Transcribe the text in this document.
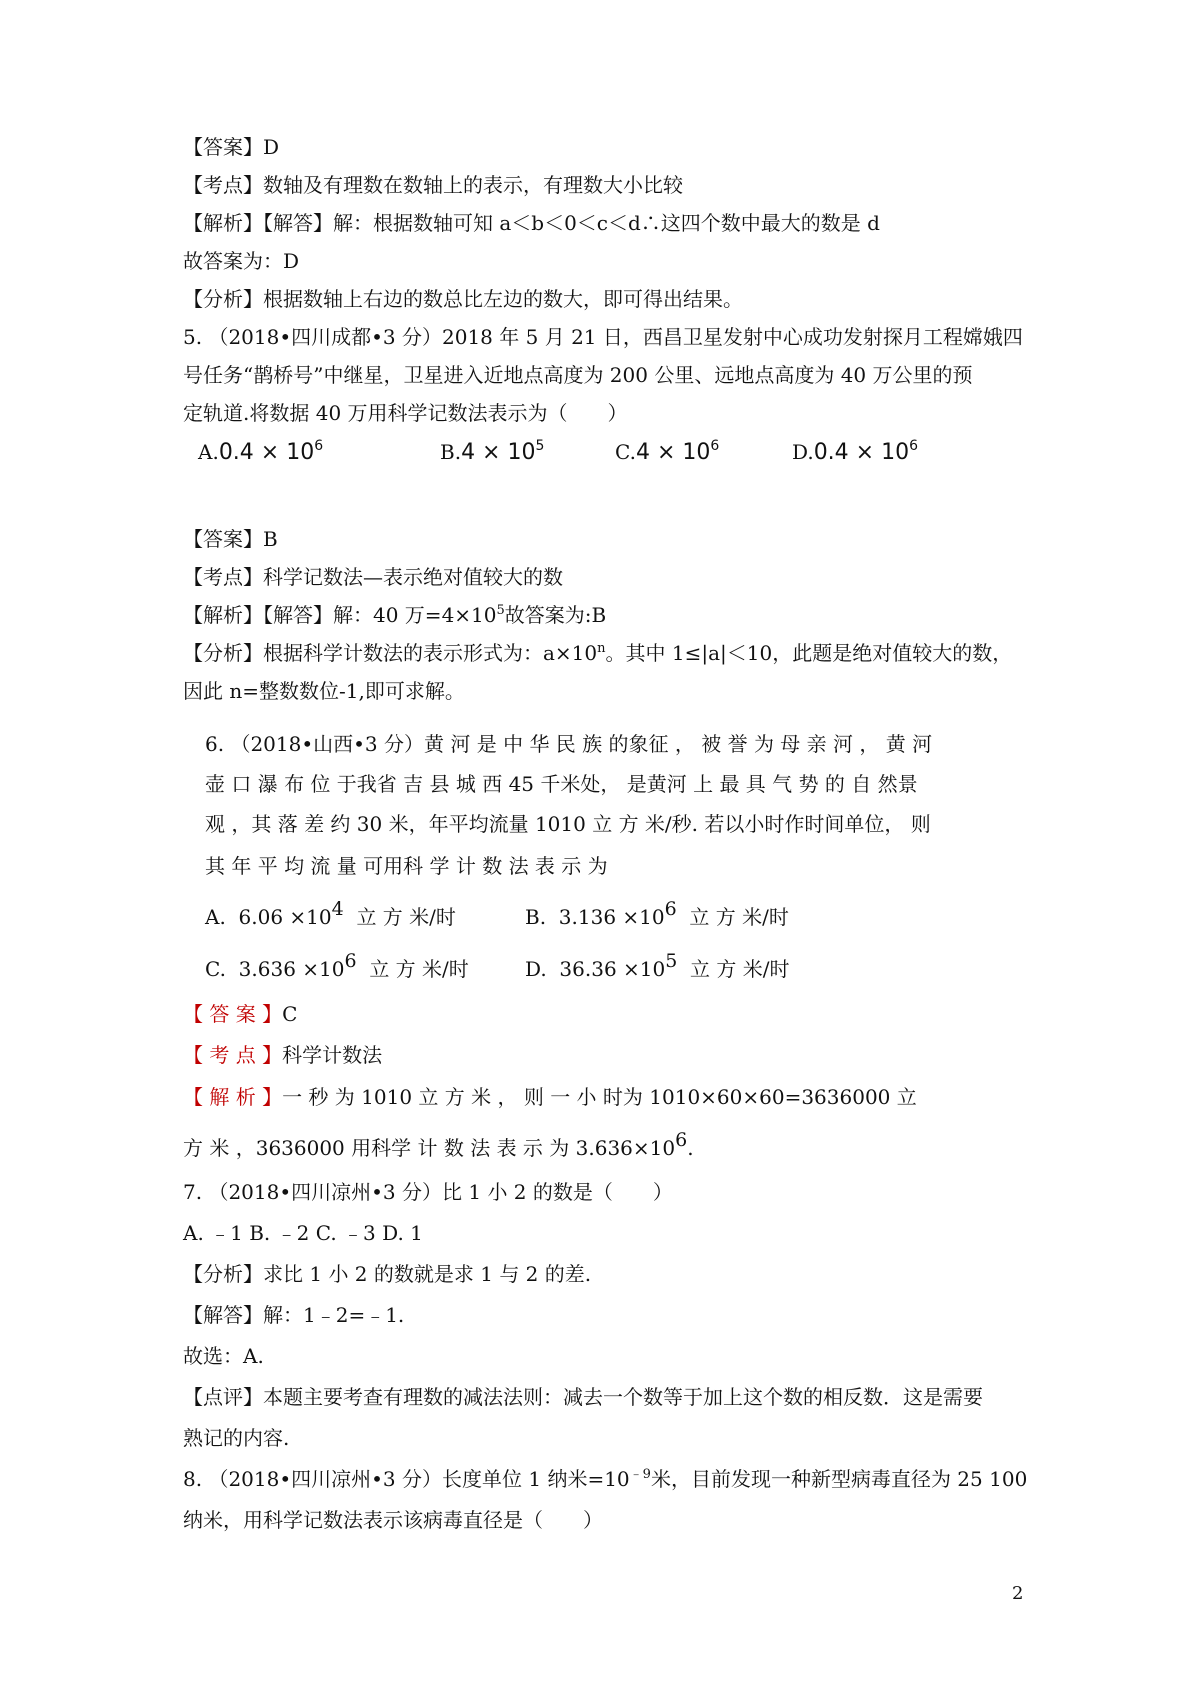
【答案】D
【考点】数轴及有理数在数轴上的表示，有理数大小比较
【解析】【解答】解：根据数轴可知 a＜b＜0＜c＜d∴这四个数中最大的数是 d
故答案为：D
【分析】根据数轴上右边的数总比左边的数大，即可得出结果。
5. （2018•四川成都•3 分）2018 年 5 月 21 日，西昌卫星发射中心成功发射探月工程嫦娥四
号任务“鹊桥号”中继星，卫星进入近地点高度为 200 公里、远地点高度为 40 万公里的预
定轨道.将数据 40 万用科学记数法表示为（　　）
$A.0.4 \times 10^6$	$B.4 \times 10^5$	$C.4 \times 10^6$	$D.0.4 \times 10^6$
【答案】B
【考点】科学记数法—表示绝对值较大的数
【解析】【解答】解：40 万$=4\times 10^5$故答案为:B
【分析】根据科学计数法的表示形式为：$a\times 10^n$。其中 1≤|a|＜10，此题是绝对值较大的数，
因此 n=整数数位-1,即可求解。
6. （2018•山西•3 分）黄 河 是 中 华 民 族 的象征 ， 被 誉 为 母 亲 河 ， 黄 河
壶 口 瀑 布 位 于我省 吉 县 城 西 45 千米处， 是黄河 上 最 具 气 势 的 自 然景
观 ，其 落 差 约 30 米，年平均流量 1010 立 方 米/秒. 若以小时作时间单位， 则
其 年 平 均 流 量 可用科 学 计 数 法 表 示 为
A. $6.06 \times 10^4$ 立 方 米/时	B. $3.136 \times 10^6$ 立 方 米/时
C. $3.636 \times 10^6$ 立 方 米/时	D. $36.36 \times 10^5$ 立 方 米/时
【 答 案 】C
【 考 点 】科学计数法
【 解 析 】一 秒 为 1010 立 方 米 ， 则 一 小 时为 1010×60×60=3636000 立
方 米 ，3636000 用科学 计 数 法 表 示 为 $3.636\times 10^6$.
7. （2018•四川凉州•3 分）比 1 小 2 的数是（　　）
A. ﹣1 B. ﹣2 C. ﹣3 D. 1
【分析】求比 1 小 2 的数就是求 1 与 2 的差.
【解答】解：1﹣2=﹣1.
故选：A.
【点评】本题主要考查有理数的减法法则：减去一个数等于加上这个数的相反数．这是需要
熟记的内容.
8. （2018•四川凉州•3 分）长度单位 1 纳米$=10^{﹣9}$米，目前发现一种新型病毒直径为 25 100
纳米，用科学记数法表示该病毒直径是（　　）
2
